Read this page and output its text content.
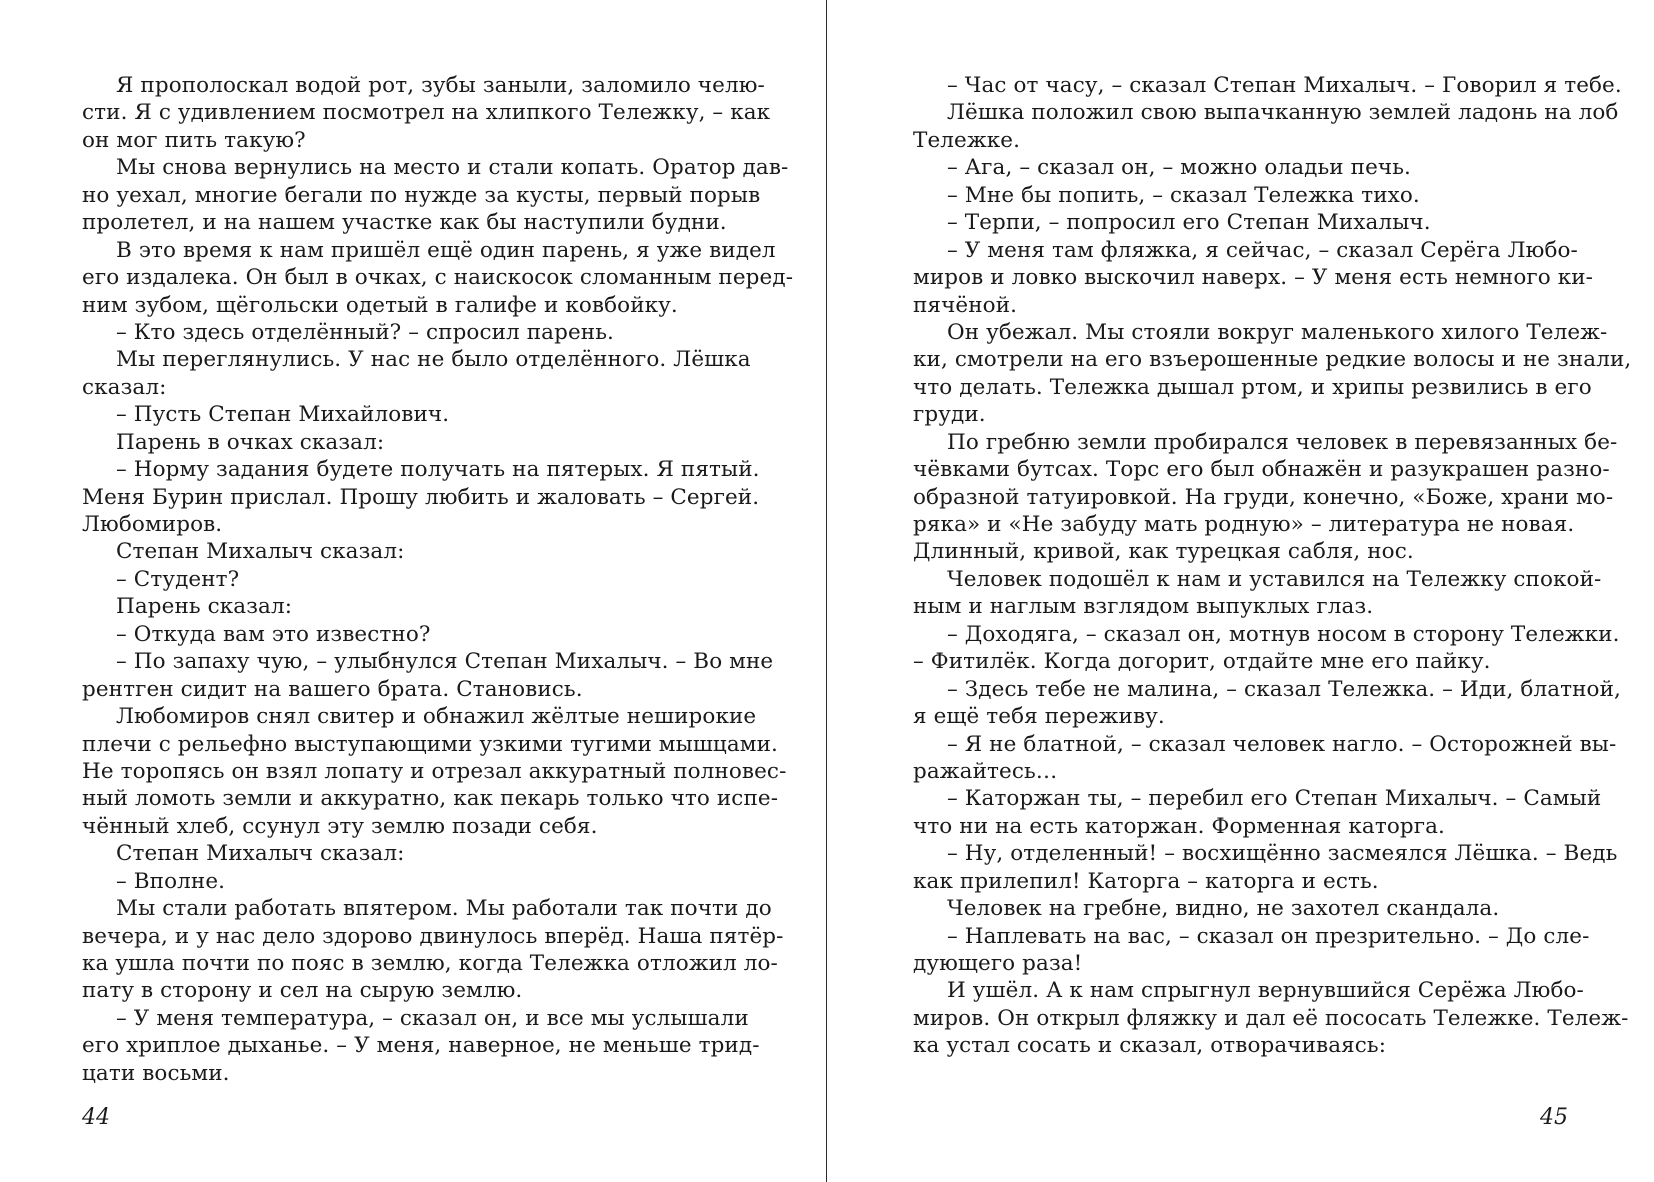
Я прополоскал водой рот, зубы заныли, заломило челю-
сти. Я с удивлением посмотрел на хлипкого Тележку, – как
он мог пить такую?
Мы снова вернулись на место и стали копать. Оратор дав-
но уехал, многие бегали по нужде за кусты, первый порыв
пролетел, и на нашем участке как бы наступили будни.
В это время к нам пришёл ещё один парень, я уже видел
его издалека. Он был в очках, с наискосок сломанным перед-
ним зубом, щёгольски одетый в галифе и ковбойку.
– Кто здесь отделённый? – спросил парень.
Мы переглянулись. У нас не было отделённого. Лёшка
сказал:
– Пусть Степан Михайлович.
Парень в очках сказал:
– Норму задания будете получать на пятерых. Я пятый.
Меня Бурин прислал. Прошу любить и жаловать – Сергей.
Любомиров.
Степан Михалыч сказал:
– Студент?
Парень сказал:
– Откуда вам это известно?
– По запаху чую, – улыбнулся Степан Михалыч. – Во мне
рентген сидит на вашего брата. Становись.
Любомиров снял свитер и обнажил жёлтые неширокие
плечи с рельефно выступающими узкими тугими мышцами.
Не торопясь он взял лопату и отрезал аккуратный полновес-
ный ломоть земли и аккуратно, как пекарь только что испе-
чённый хлеб, ссунул эту землю позади себя.
Степан Михалыч сказал:
– Вполне.
Мы стали работать впятером. Мы работали так почти до
вечера, и у нас дело здорово двинулось вперёд. Наша пятёр-
ка ушла почти по пояс в землю, когда Тележка отложил ло-
пату в сторону и сел на сырую землю.
– У меня температура, – сказал он, и все мы услышали
его хриплое дыханье. – У меня, наверное, не меньше трид-
цати восьми.
– Час от часу, – сказал Степан Михалыч. – Говорил я тебе.
Лёшка положил свою выпачканную землей ладонь на лоб
Тележке.
– Ага, – сказал он, – можно оладьи печь.
– Мне бы попить, – сказал Тележка тихо.
– Терпи, – попросил его Степан Михалыч.
– У меня там фляжка, я сейчас, – сказал Серёга Любо-
миров и ловко выскочил наверх. – У меня есть немного ки-
пячёной.
Он убежал. Мы стояли вокруг маленького хилого Тележ-
ки, смотрели на его взъерошенные редкие волосы и не знали,
что делать. Тележка дышал ртом, и хрипы резвились в его
груди.
По гребню земли пробирался человек в перевязанных бе-
чёвками бутсах. Торс его был обнажён и разукрашен разно-
образной татуировкой. На груди, конечно, «Боже, храни мо-
ряка» и «Не забуду мать родную» – литература не новая.
Длинный, кривой, как турецкая сабля, нос.
Человек подошёл к нам и уставился на Тележку спокой-
ным и наглым взглядом выпуклых глаз.
– Доходяга, – сказал он, мотнув носом в сторону Тележки.
– Фитилёк. Когда догорит, отдайте мне его пайку.
– Здесь тебе не малина, – сказал Тележка. – Иди, блатной,
я ещё тебя переживу.
– Я не блатной, – сказал человек нагло. – Осторожней вы-
ражайтесь…
– Каторжан ты, – перебил его Степан Михалыч. – Самый
что ни на есть каторжан. Форменная каторга.
– Ну, отделенный! – восхищённо засмеялся Лёшка. – Ведь
как прилепил! Каторга – каторга и есть.
Человек на гребне, видно, не захотел скандала.
– Наплевать на вас, – сказал он презрительно. – До сле-
дующего раза!
И ушёл. А к нам спрыгнул вернувшийся Серёжа Любо-
миров. Он открыл фляжку и дал её пососать Тележке. Тележ-
ка устал сосать и сказал, отворачиваясь:
44	45
